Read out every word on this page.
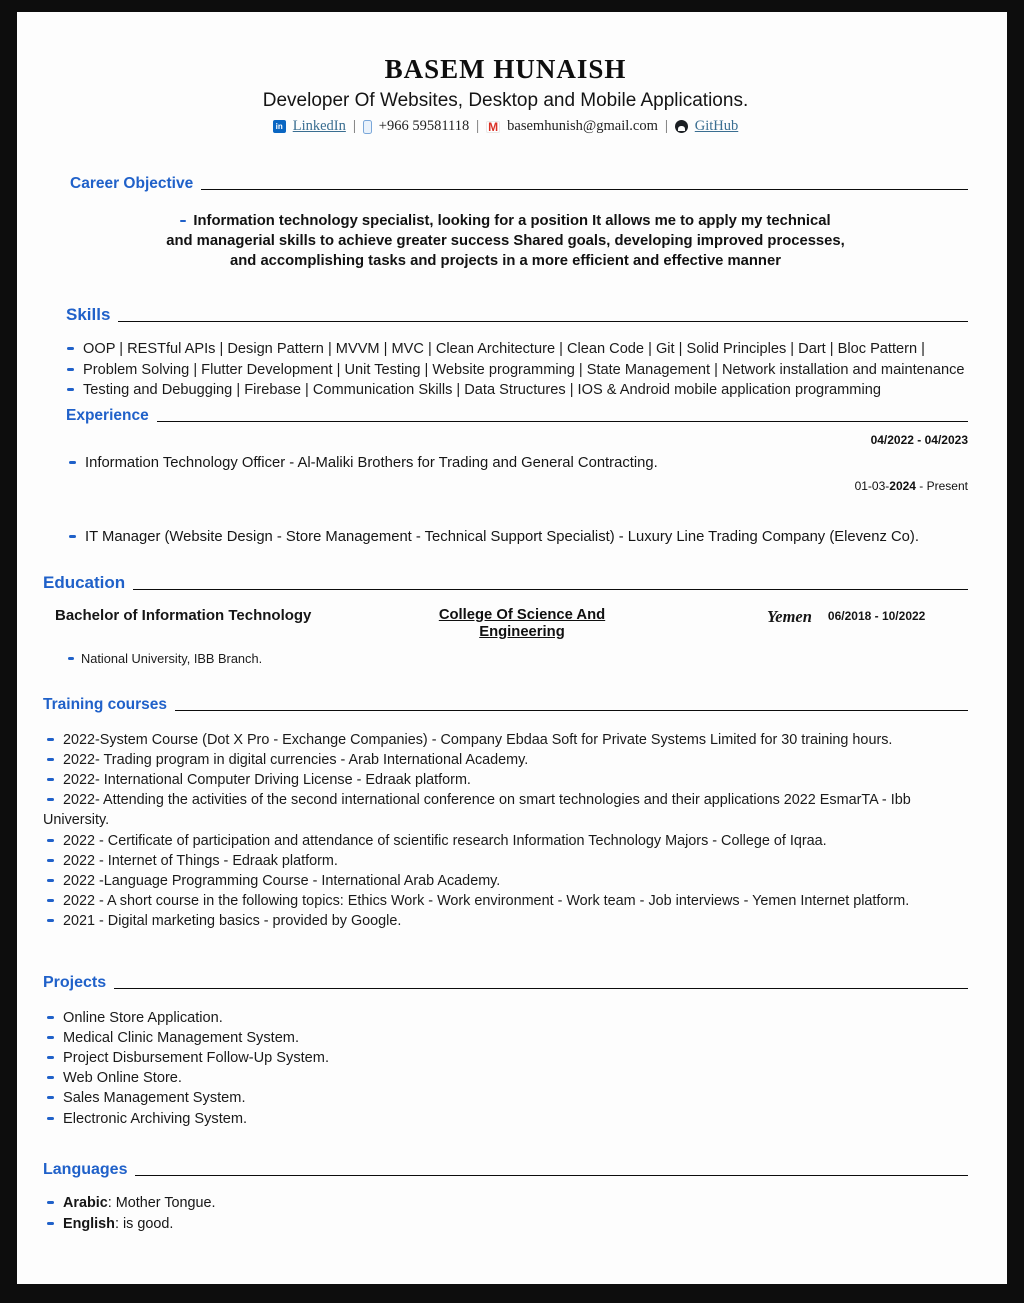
BASEM HUNAISH
Developer Of Websites, Desktop and Mobile Applications.
in LinkedIn | +966 59581118 | M basemhunish@gmail.com | GitHub
Career Objective
Information technology specialist, looking for a position It allows me to apply my technical and managerial skills to achieve greater success Shared goals, developing improved processes, and accomplishing tasks and projects in a more efficient and effective manner
Skills
OOP | RESTful APIs | Design Pattern | MVVM | MVC | Clean Architecture | Clean Code | Git | Solid Principles | Dart | Bloc Pattern |
Problem Solving | Flutter Development | Unit Testing | Website programming | State Management | Network installation and maintenance
Testing and Debugging | Firebase | Communication Skills | Data Structures | IOS & Android mobile application programming
Experience
04/2022 - 04/2023
Information Technology Officer - Al-Maliki Brothers for Trading and General Contracting.
01-03-2024 - Present
IT Manager (Website Design - Store Management - Technical Support Specialist) - Luxury Line Trading Company (Elevenz Co).
Education
Bachelor of Information Technology	College Of Science And Engineering
Yemen 06/2018 - 10/2022
National University, IBB Branch.
Training courses
2022-System Course (Dot X Pro - Exchange Companies) - Company Ebdaa Soft for Private Systems Limited for 30 training hours.
2022- Trading program in digital currencies - Arab International Academy.
2022- International Computer Driving License - Edraak platform.
2022- Attending the activities of the second international conference on smart technologies and their applications 2022 EsmarTA - Ibb University.
2022 - Certificate of participation and attendance of scientific research Information Technology Majors - College of Iqraa.
2022 - Internet of Things - Edraak platform.
2022 -Language Programming Course - International Arab Academy.
2022 - A short course in the following topics: Ethics Work - Work environment - Work team - Job interviews - Yemen Internet platform.
2021 - Digital marketing basics - provided by Google.
Projects
Online Store Application.
Medical Clinic Management System.
Project Disbursement Follow-Up System.
Web Online Store.
Sales Management System.
Electronic Archiving System.
Languages
Arabic: Mother Tongue.
English: is good.
